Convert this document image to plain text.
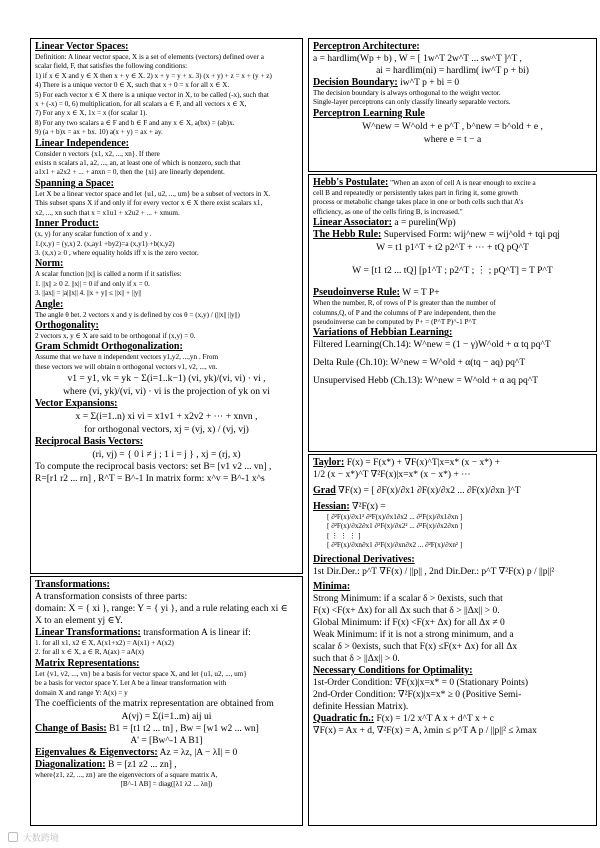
Linear Vector Spaces:
Definition: A linear vector space, X is a set of elements (vectors) defined over a
scalar field, F, that satisfies the following conditions:
1) if x ∈ X and y ∈ X then x + y ∈ X. 2) x + y = y + x. 3) (x + y) + z = x + (y + z)
4) There is a unique vector 0 ∈ X, such that x + 0 = x for all x ∈ X.
5) For each vector x ∈ X there is a unique vector in X, to be called (-x), such that
x + (-x) = 0, 6) multiplication, for all scalars a ∈ F, and all vectors x ∈ X,
7) For any x ∈ X, 1x = x (for scalar 1).
8) For any two scalars a ∈ F and b ∈ F and any x ∈ X, a(bx) = (ab)x.
9) (a + b)x = ax + bx. 10) a(x + y) = ax + ay.
Linear Independence:
Consider n vectors {x1, x2, ..., xn}. If there
exists n scalars a1, a2, ..., an, at least one of which is nonzero, such that
a1x1 + a2x2 + ... + anxn = 0, then the {xi} are linearly dependent.
Spanning a Space:
Let X be a linear vector space and let {u1, u2, ..., um} be a subset of vectors in X.
This subset spans X if and only if for every vector x ∈ X there exist scalars x1,
x2, ..., xn such that x = x1u1 + x2u2 + ... + xmum.
Inner Product:
(x, y) for any scalar function of x and y .
1.(x,y) = (y,x) 2. (x,ay1 +by2)=a (x,y1) +b(x,y2)
3. (x,x) ≥ 0 , where equality holds iff x is the zero vector.
Norm:
A scalar function ||x|| is called a norm if it satisfies:
1. ||x|| ≥ 0 2. ||x|| = 0 if and only if x = 0.
3. ||ax|| = |a|||x|| 4. ||x + y|| ≤ ||x|| + ||y||
Angle:
The angle θ bet. 2 vectors x and y is defined by cos θ = (x,y) / (||x|| ||y||)
Orthogonality:
2 vectors x, y ∈ X are said to be orthogonal if (x,y) = 0.
Gram Schmidt Orthogonalization:
Assume that we have n independent vectors y1,y2, ...,yn . From
these vectors we will obtain n orthogonal vectors v1, v2, ..., vn.
v1 = y1, vk = yk − Σ(i=1..k−1) (vi, yk)/(vi, vi) · vi ,
where (vi, yk)/(vi, vi) · vi is the projection of yk on vi
Vector Expansions:
x = Σ(i=1..n) xi vi = x1v1 + x2v2 + ⋯ + xnvn ,
for orthogonal vectors, xj = (vj, x) / (vj, vj)
Reciprocal Basis Vectors:
(ri, vj) = { 0 i ≠ j ; 1 i = j } , xj = (rj, x)
To compute the reciprocal basis vectors: set B= [v1 v2 ... vn] ,
R=[r1 r2 ... rn] , R^T = B^-1 In matrix form: x^v = B^-1 x^s
Transformations:
A transformation consists of three parts:
domain: X = { xi }, range: Y = { yi }, and a rule relating each xi ∈
X to an element yj ∈Y.
Linear Transformations: transformation A is linear if:
1. for all x1, x2 ∈ X, A(x1+x2) = A(x1) + A(x2)
2. for all x ∈ X, a ∈ R, A(ax) = aA(x)
Matrix Representations:
Let {v1, v2, ..., vn} be a basis for vector space X, and let {u1, u2, ..., um}
be a basis for vector space Y. Let A be a linear transformation with
domain X and range Y: A(x) = y
The coefficients of the matrix representation are obtained from
A(vj) = Σ(i=1..m) aij ui
Change of Basis: B1 = [t1 t2 ... tn] , Bw = [w1 w2 ... wn]
A' = [Bw^-1 A B1]
Eigenvalues & Eigenvectors: Az = λz, |A − λI| = 0
Diagonalization: B = [z1 z2 ... zn] ,
where{z1, z2, ..., zn} are the eigenvectors of a square matrix A,
[B^-1 AB] = diag([λ1 λ2 ... λn])
Perceptron Architecture:
a = hardlim(Wp + b) , W = [ 1w^T 2w^T ... sw^T ]^T ,
ai = hardlim(ni) = hardlim( iw^T p + bi)
Decision Boundary: iw^T p + bi = 0
The decision boundary is always orthogonal to the weight vector.
Single-layer perceptrons can only classify linearly separable vectors.
Perceptron Learning Rule
W^new = W^old + e p^T , b^new = b^old + e ,
where e = t − a
Hebb's Postulate: "When an axon of cell A is near enough to excite a
cell B and repeatedly or persistently takes part in firing it, some growth
process or metabolic change takes place in one or both cells such that A's
efficiency, as one of the cells firing B, is increased."
Linear Associator: a = purelin(Wp)
The Hebb Rule: Supervised Form: wij^new = wij^old + tqi pqj
W = t1 p1^T + t2 p2^T + ⋯ + tQ pQ^T
W = [t1 t2 ... tQ] [p1^T ; p2^T ; ⋮ ; pQ^T] = T P^T
Pseudoinverse Rule: W = T P+
When the number, R, of rows of P is greater than the number of
columns,Q, of P and the columns of P are independent, then the
pseudoinverse can be computed by P+ = (P^T P)^-1 P^T
Variations of Hebbian Learning:
Filtered Learning(Ch.14): W^new = (1 − γ)W^old + α tq pq^T
Delta Rule (Ch.10): W^new = W^old + α(tq − aq) pq^T
Unsupervised Hebb (Ch.13): W^new = W^old + α aq pq^T
Taylor: F(x) = F(x*) + ∇F(x)^T|x=x* (x − x*) +
1/2 (x − x*)^T ∇²F(x)|x=x* (x − x*) + ⋯
Grad ∇F(x) = [ ∂F(x)/∂x1 ∂F(x)/∂x2 ... ∂F(x)/∂xn ]^T
Hessian: ∇²F(x) =
[ ∂²F(x)/∂x1² ∂²F(x)/∂x1∂x2 ... ∂²F(x)/∂x1∂xn ]
[ ∂²F(x)/∂x2∂x1 ∂²F(x)/∂x2² ... ∂²F(x)/∂x2∂xn ]
[ ⋮ ⋮ ⋮ ]
[ ∂²F(x)/∂xn∂x1 ∂²F(x)/∂xn∂x2 ... ∂²F(x)/∂xn² ]
Directional Derivatives:
1st Dir.Der.: p^T ∇F(x) / ||p|| , 2nd Dir.Der.: p^T ∇²F(x) p / ||p||²
Minima:
Strong Minimum: if a scalar δ > 0exists, such that
F(x) <F(x+ Δx) for all Δx such that δ > ||Δx|| > 0.
Global Minimum: if F(x) <F(x+ Δx) for all Δx ≠ 0
Weak Minimum: if it is not a strong minimum, and a
scalar δ > 0exists, such that F(x) ≤F(x+ Δx) for all Δx
such that δ > ||Δx|| > 0.
Necessary Conditions for Optimality:
1st-Order Condition: ∇F(x)|x=x* = 0 (Stationary Points)
2nd-Order Condition: ∇²F(x)|x=x* ≥ 0 (Positive Semi-
definite Hessian Matrix).
Quadratic fn.: F(x) = 1/2 x^T A x + d^T x + c
∇F(x) = Ax + d, ∇²F(x) = A, λmin ≤ p^T A p / ||p||² ≤ λmax
大数跨境
